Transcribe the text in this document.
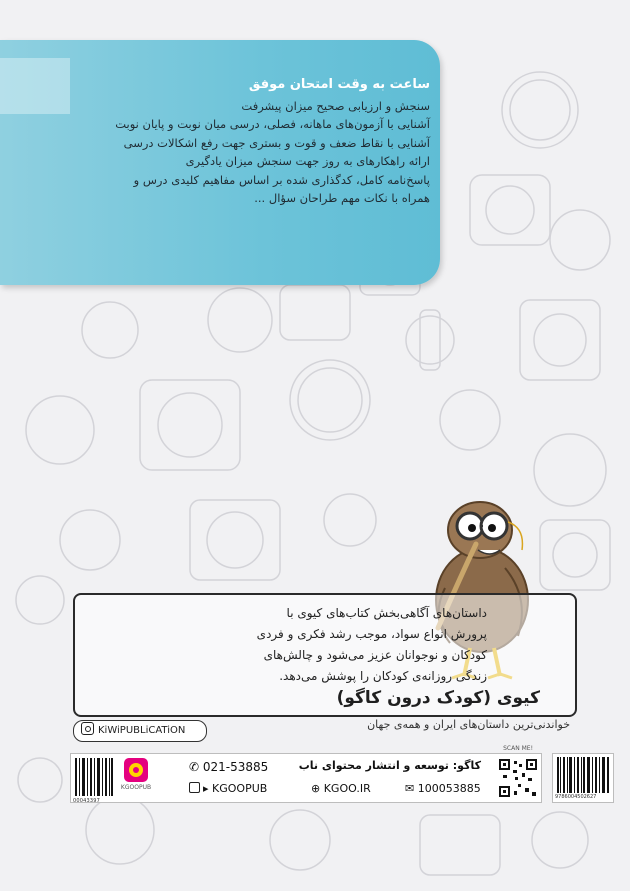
ساعت به وقت امتحان موفق
سنجش و ارزیابی صحیح میزان پیشرفت
آشنایی با آزمون‌های ماهانه، فصلی، درسی میان نوبت و پایان نوبت
آشنایی با نقاط ضعف و قوت و بستری جهت رفع اشکالات درسی
ارائه راهکارهای به روز جهت سنجش میزان یادگیری
پاسخ‌نامه کامل، کدگذاری شده بر اساس مفاهیم کلیدی درس و
همراه با نکات مهم طراحان سؤال ...
داستان‌های آگاهی‌بخش کتاب‌های کیوی با
پرورش انواع سواد، موجب رشد فکری و فردی
کودکان و نوجوانان عزیز می‌شود و چالش‌های
زندگی روزانه‌ی کودکان را پوشش می‌دهد.
کیوی (کودک درون کاگو)
خواندنی‌ترین داستان‌های ایران و همه‌ی جهان
KiWiPUBLiCATiON
00043397
KGOOPUB
✆ 021-53885
▸ KGOOPUB
کاگو: توسعه و انتشار محتوای ناب
⊕ KGOO.IR	✉ 100053885
SCAN ME!
9786004502627
